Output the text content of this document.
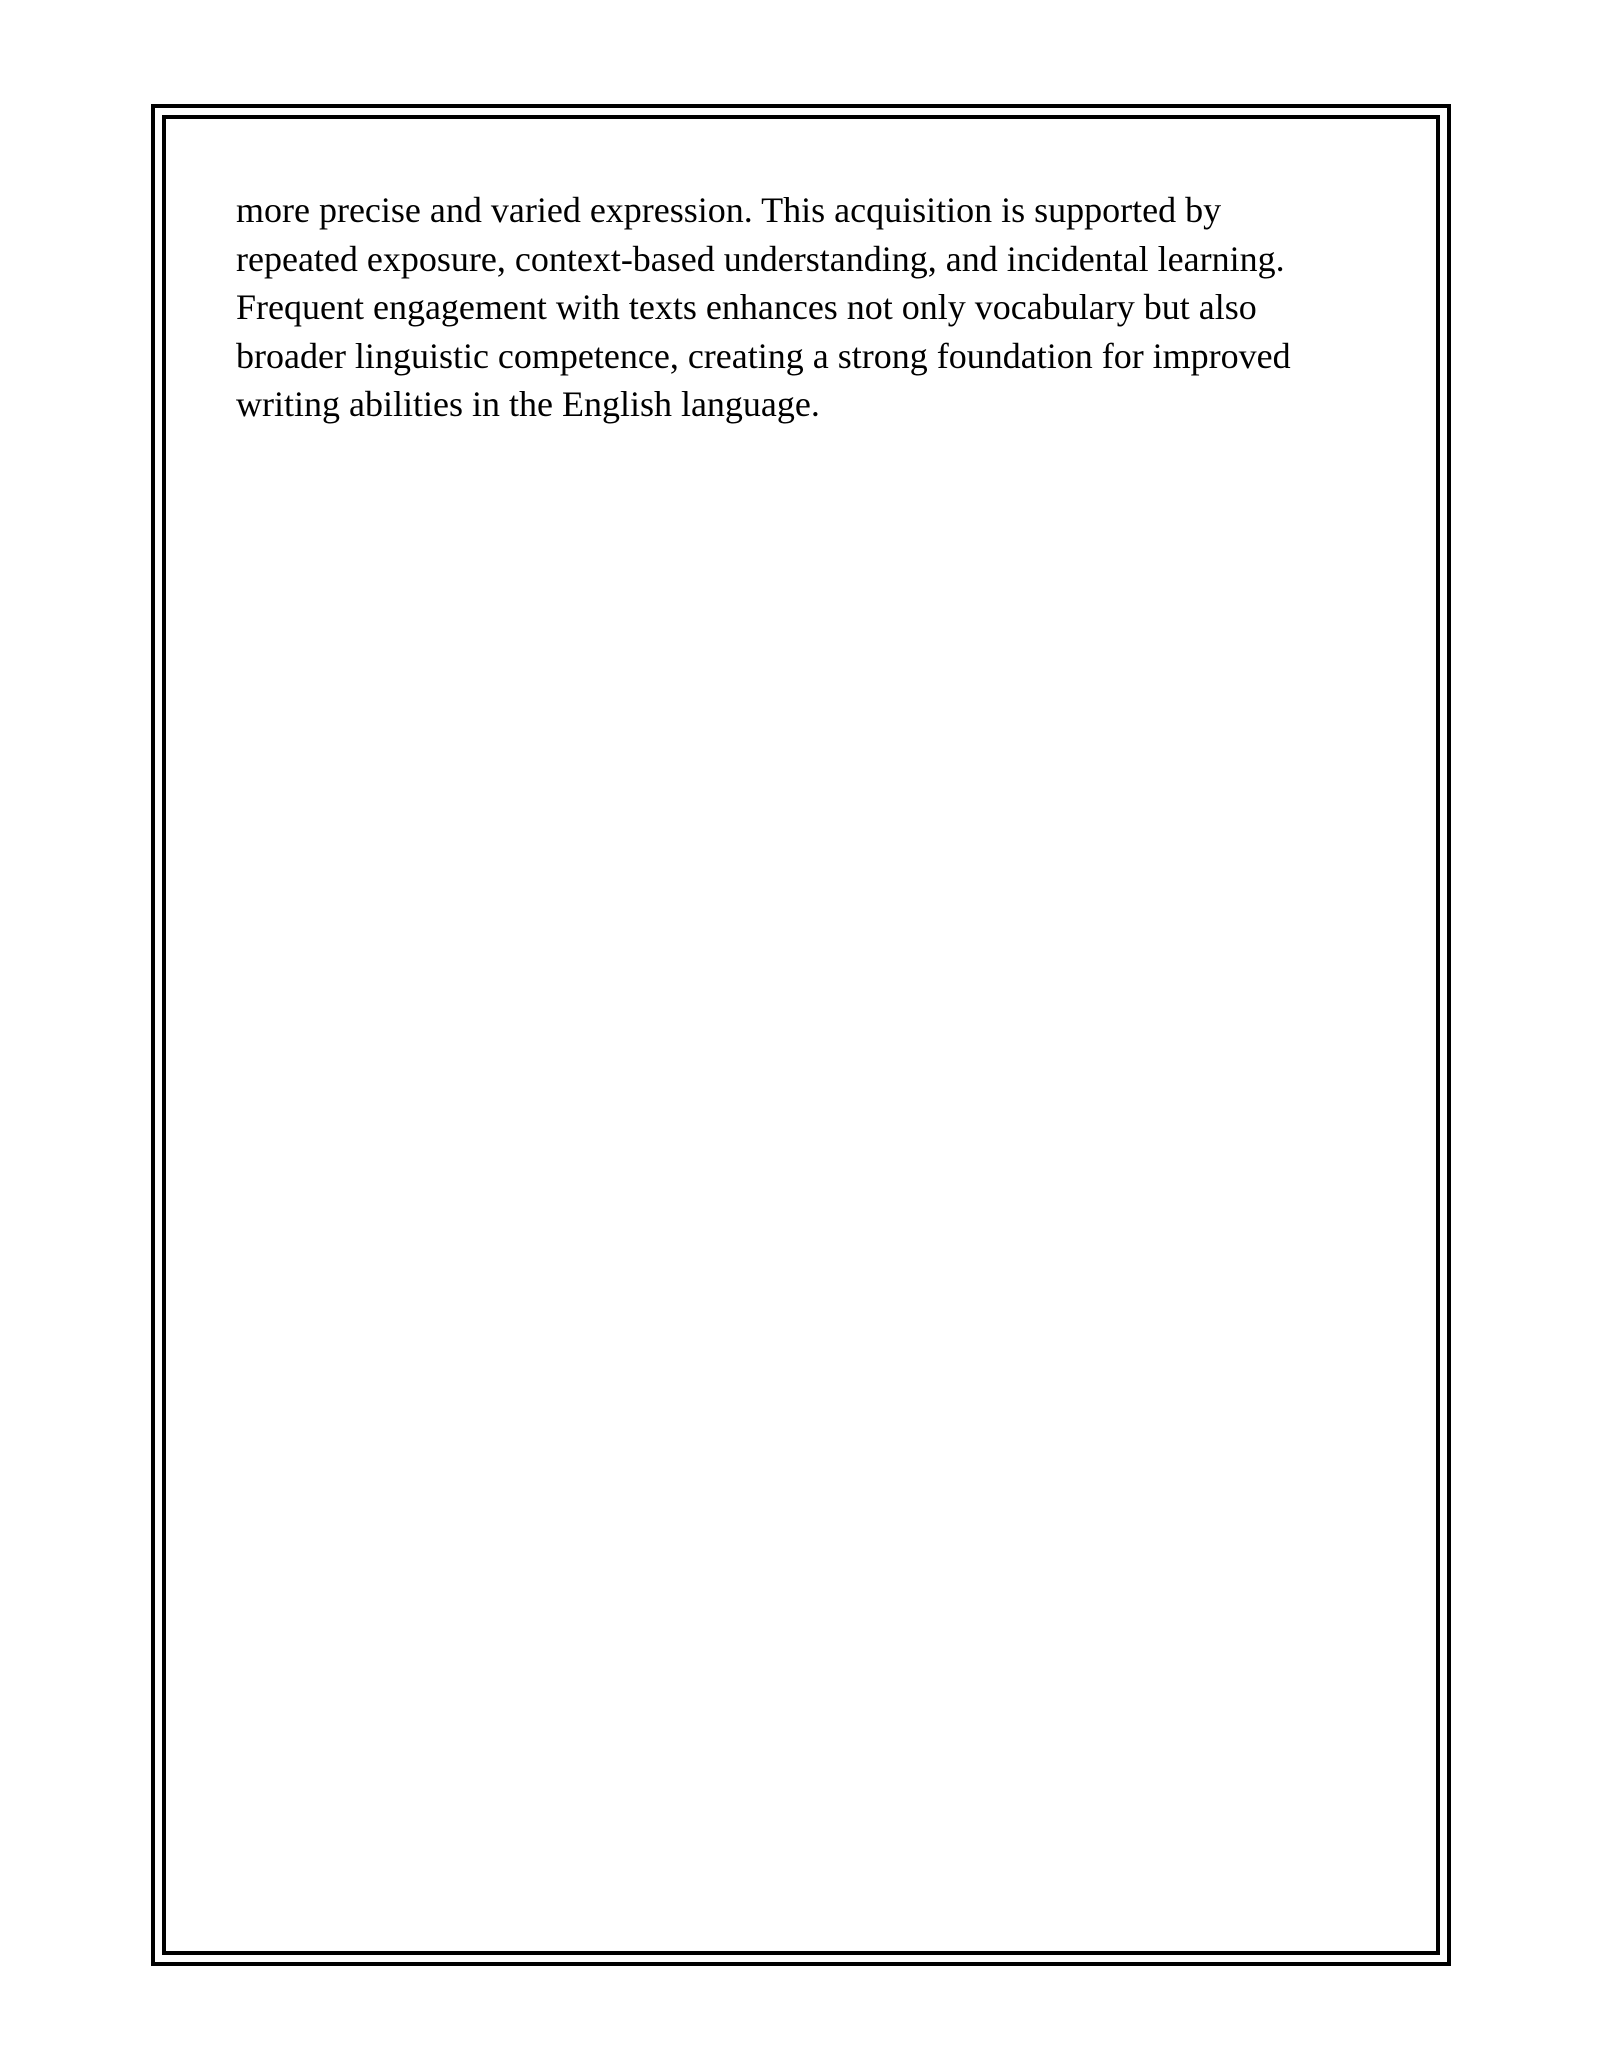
more precise and varied expression. This acquisition is supported by
repeated exposure, context-based understanding, and incidental learning.
Frequent engagement with texts enhances not only vocabulary but also
broader linguistic competence, creating a strong foundation for improved
writing abilities in the English language.
